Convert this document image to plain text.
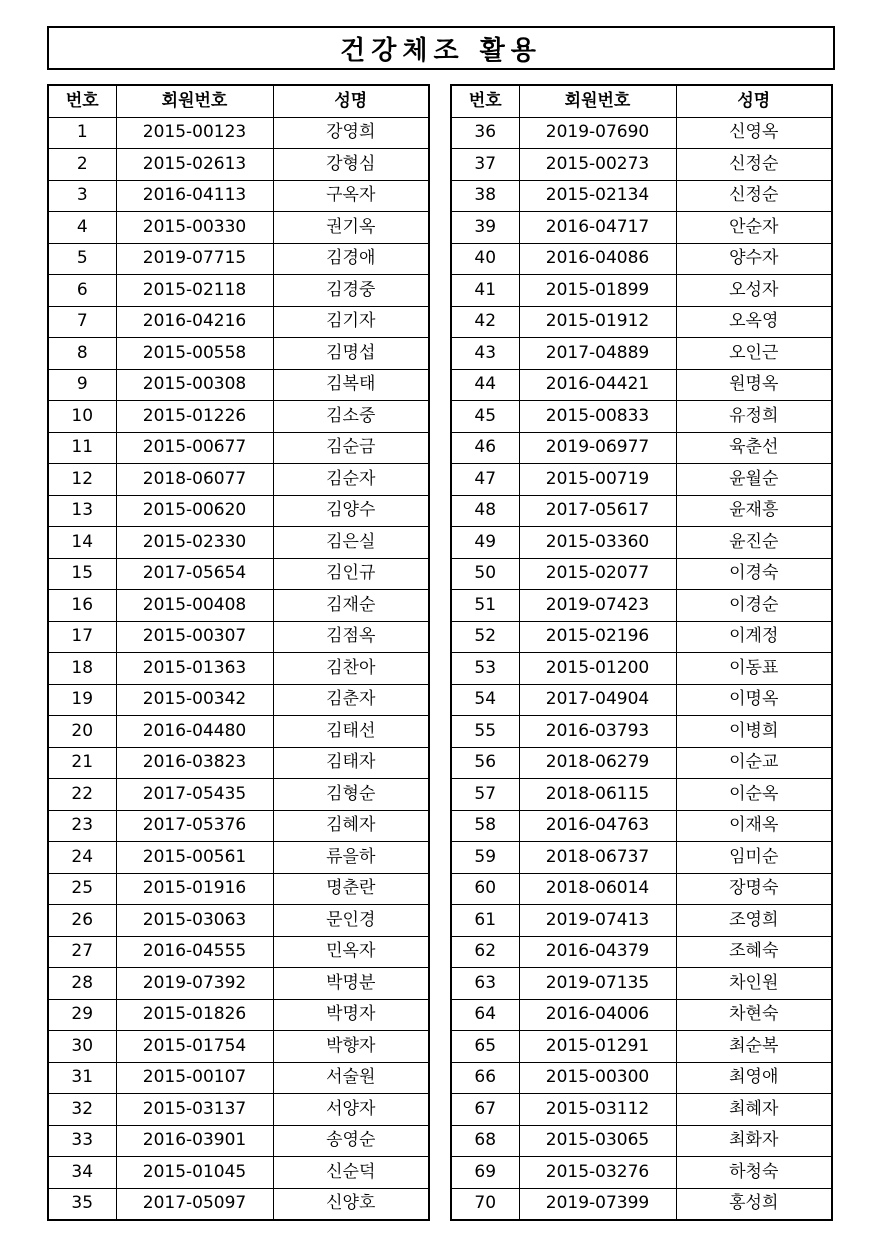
건강체조 활용
번호	회원번호	성명
1	2015-00123	강영희
2	2015-02613	강형심
3	2016-04113	구옥자
4	2015-00330	권기옥
5	2019-07715	김경애
6	2015-02118	김경중
7	2016-04216	김기자
8	2015-00558	김명섭
9	2015-00308	김복태
10	2015-01226	김소중
11	2015-00677	김순금
12	2018-06077	김순자
13	2015-00620	김양수
14	2015-02330	김은실
15	2017-05654	김인규
16	2015-00408	김재순
17	2015-00307	김점옥
18	2015-01363	김찬아
19	2015-00342	김춘자
20	2016-04480	김태선
21	2016-03823	김태자
22	2017-05435	김형순
23	2017-05376	김혜자
24	2015-00561	류을하
25	2015-01916	명춘란
26	2015-03063	문인경
27	2016-04555	민옥자
28	2019-07392	박명분
29	2015-01826	박명자
30	2015-01754	박향자
31	2015-00107	서술원
32	2015-03137	서양자
33	2016-03901	송영순
34	2015-01045	신순덕
35	2017-05097	신양호
번호	회원번호	성명
36	2019-07690	신영옥
37	2015-00273	신정순
38	2015-02134	신정순
39	2016-04717	안순자
40	2016-04086	양수자
41	2015-01899	오성자
42	2015-01912	오옥영
43	2017-04889	오인근
44	2016-04421	원명옥
45	2015-00833	유정희
46	2019-06977	육춘선
47	2015-00719	윤월순
48	2017-05617	윤재흥
49	2015-03360	윤진순
50	2015-02077	이경숙
51	2019-07423	이경순
52	2015-02196	이계정
53	2015-01200	이동표
54	2017-04904	이명옥
55	2016-03793	이병희
56	2018-06279	이순교
57	2018-06115	이순옥
58	2016-04763	이재옥
59	2018-06737	임미순
60	2018-06014	장명숙
61	2019-07413	조영희
62	2016-04379	조혜숙
63	2019-07135	차인원
64	2016-04006	차현숙
65	2015-01291	최순복
66	2015-00300	최영애
67	2015-03112	최혜자
68	2015-03065	최화자
69	2015-03276	하청숙
70	2019-07399	홍성희
